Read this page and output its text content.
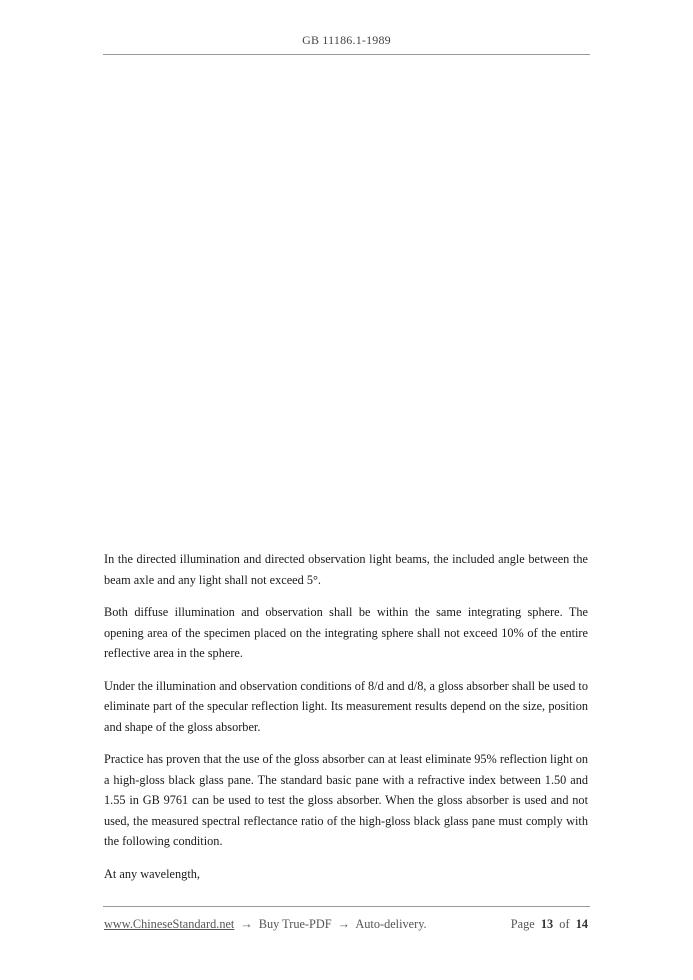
GB 11186.1-1989

In the directed illumination and directed observation light beams, the included angle between the beam axle and any light shall not exceed 5°.

Both diffuse illumination and observation shall be within the same integrating sphere. The opening area of the specimen placed on the integrating sphere shall not exceed 10% of the entire reflective area in the sphere.

Under the illumination and observation conditions of 8/d and d/8, a gloss absorber shall be used to eliminate part of the specular reflection light. Its measurement results depend on the size, position and shape of the gloss absorber.

Practice has proven that the use of the gloss absorber can at least eliminate 95% reflection light on a high-gloss black glass pane. The standard basic pane with a refractive index between 1.50 and 1.55 in GB 9761 can be used to test the gloss absorber. When the gloss absorber is used and not used, the measured spectral reflectance ratio of the high-gloss black glass pane must comply with the following condition.

At any wavelength,

www.ChineseStandard.net → Buy True-PDF → Auto-delivery.	Page 13 of 14
